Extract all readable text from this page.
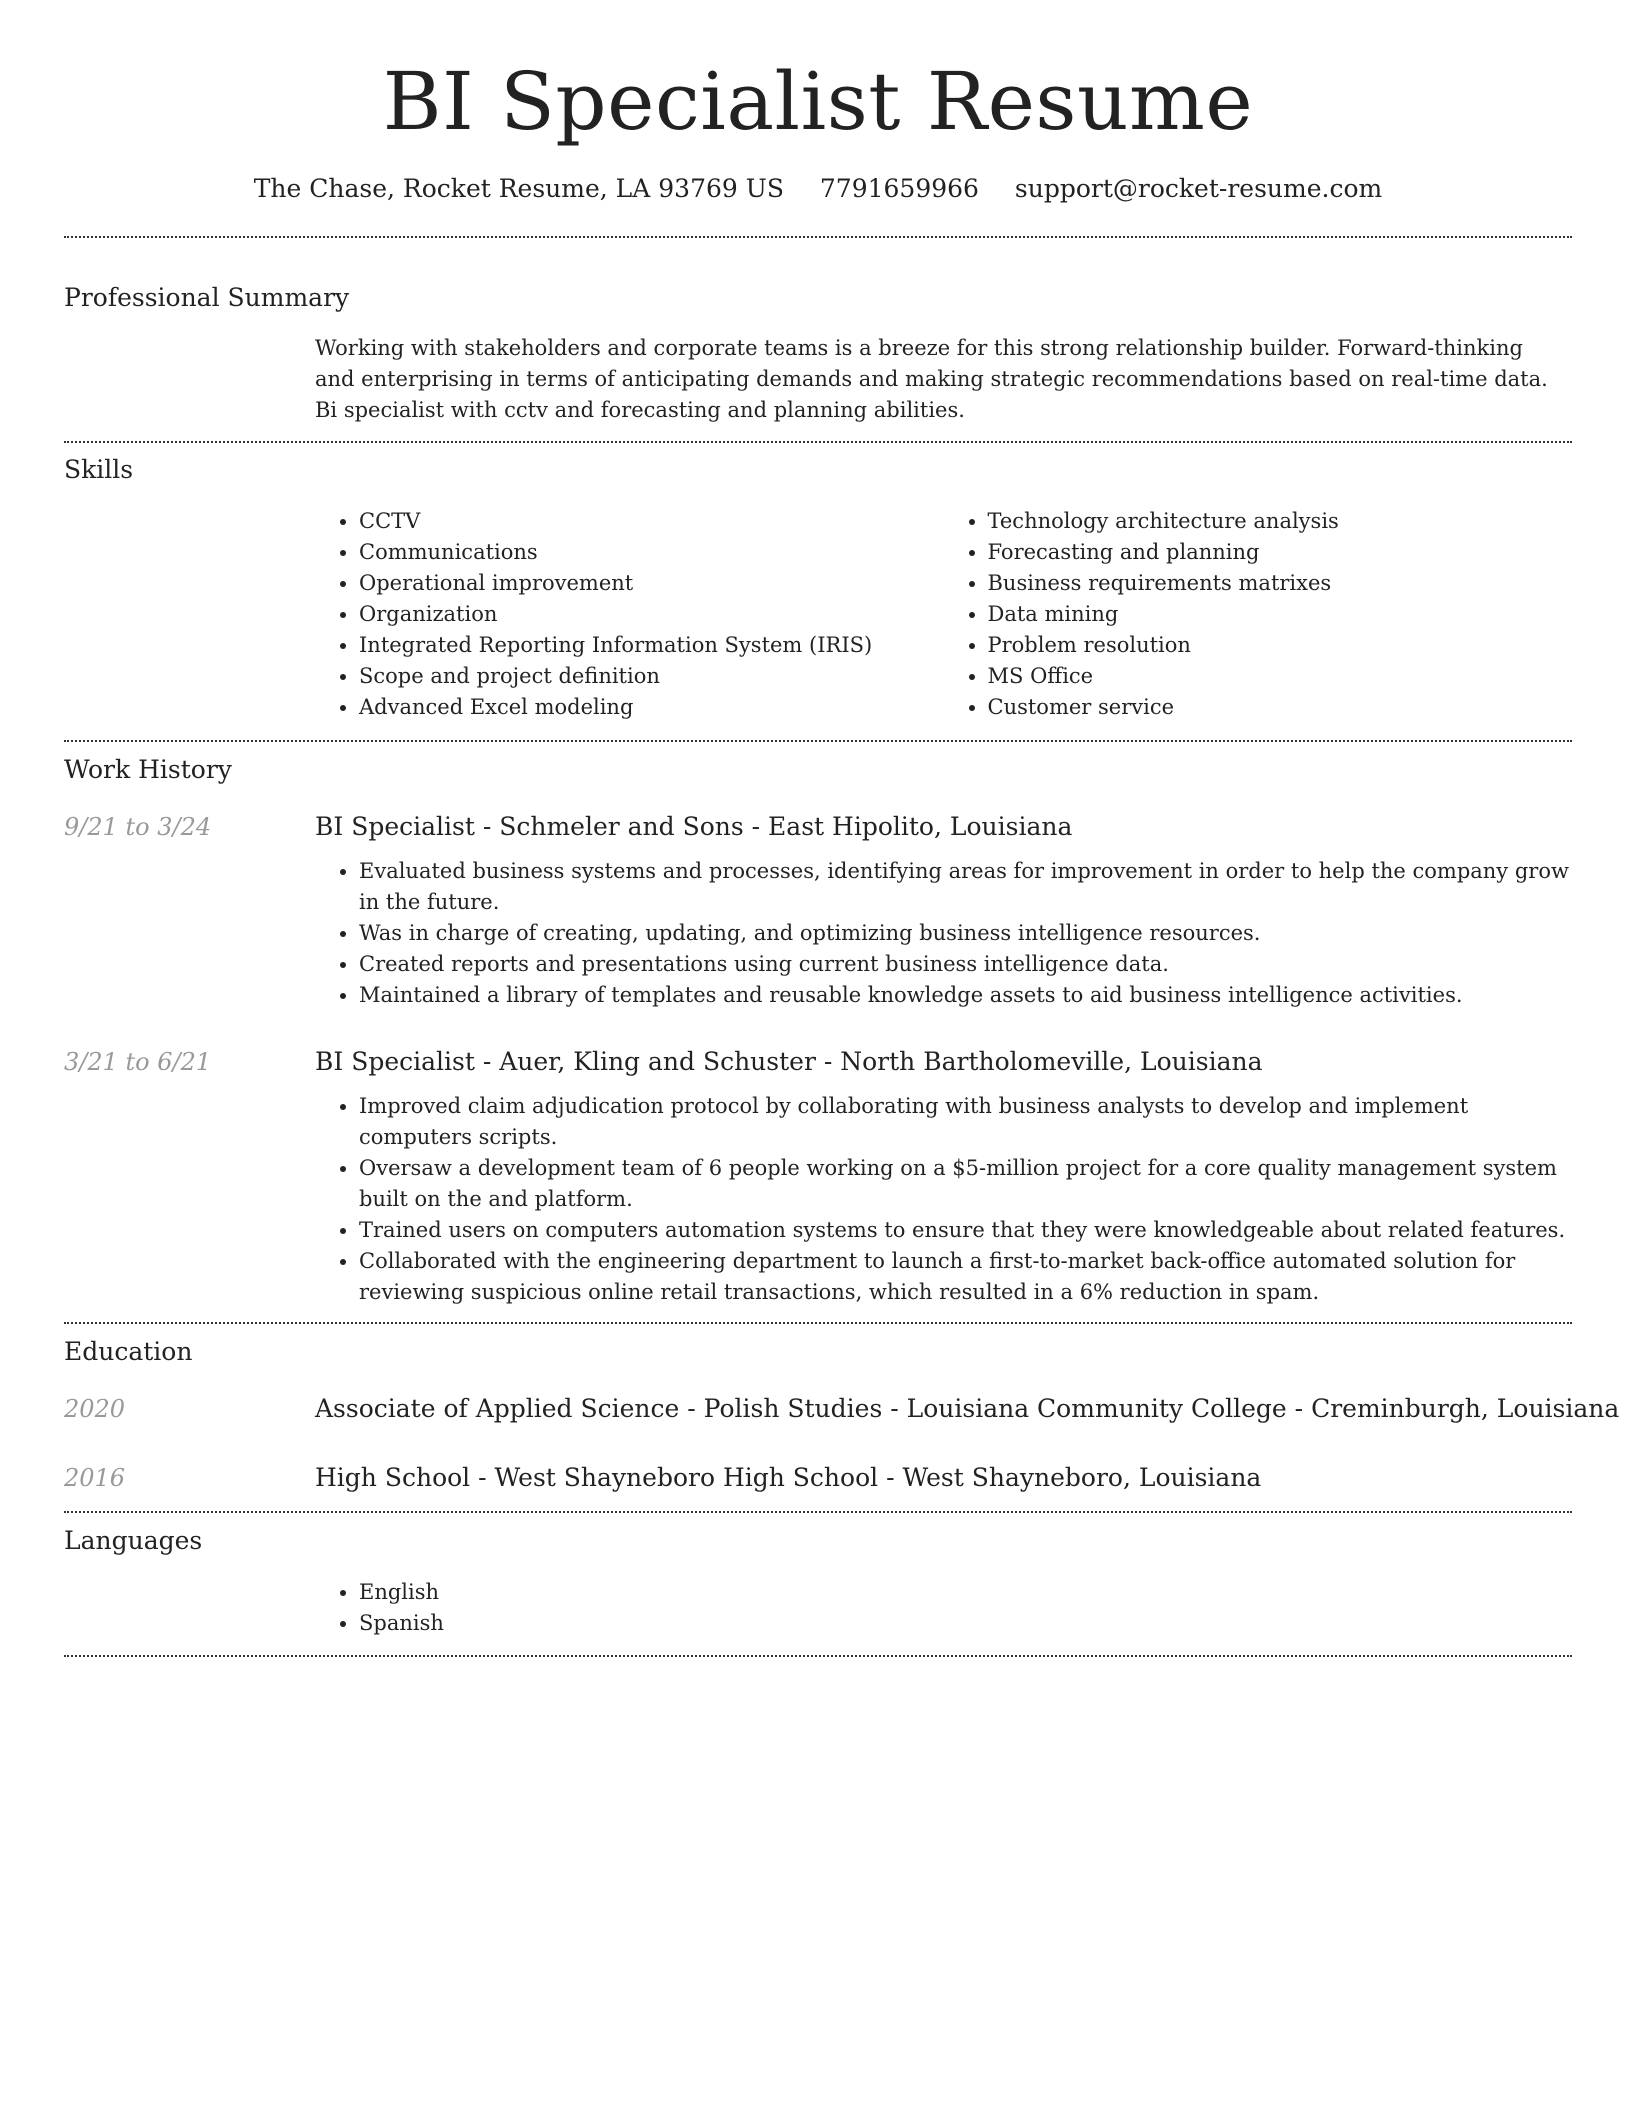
BI Specialist Resume
The Chase, Rocket Resume, LA 93769 US 7791659966 support@rocket-resume.com
Professional Summary
Working with stakeholders and corporate teams is a breeze for this strong relationship builder. Forward-thinking and enterprising in terms of anticipating demands and making strategic recommendations based on real-time data. Bi specialist with cctv and forecasting and planning abilities.
Skills
• CCTV
• Communications
• Operational improvement
• Organization
• Integrated Reporting Information System (IRIS)
• Scope and project definition
• Advanced Excel modeling
• Technology architecture analysis
• Forecasting and planning
• Business requirements matrixes
• Data mining
• Problem resolution
• MS Office
• Customer service
Work History
9/21 to 3/24	BI Specialist - Schmeler and Sons - East Hipolito, Louisiana
• Evaluated business systems and processes, identifying areas for improvement in order to help the company grow in the future.
• Was in charge of creating, updating, and optimizing business intelligence resources.
• Created reports and presentations using current business intelligence data.
• Maintained a library of templates and reusable knowledge assets to aid business intelligence activities.
3/21 to 6/21	BI Specialist - Auer, Kling and Schuster - North Bartholomeville, Louisiana
• Improved claim adjudication protocol by collaborating with business analysts to develop and implement computers scripts.
• Oversaw a development team of 6 people working on a $5-million project for a core quality management system built on the and platform.
• Trained users on computers automation systems to ensure that they were knowledgeable about related features.
• Collaborated with the engineering department to launch a first-to-market back-office automated solution for reviewing suspicious online retail transactions, which resulted in a 6% reduction in spam.
Education
2020	Associate of Applied Science - Polish Studies - Louisiana Community College - Creminburgh, Louisiana
2016	High School - West Shayneboro High School - West Shayneboro, Louisiana
Languages
• English
• Spanish
